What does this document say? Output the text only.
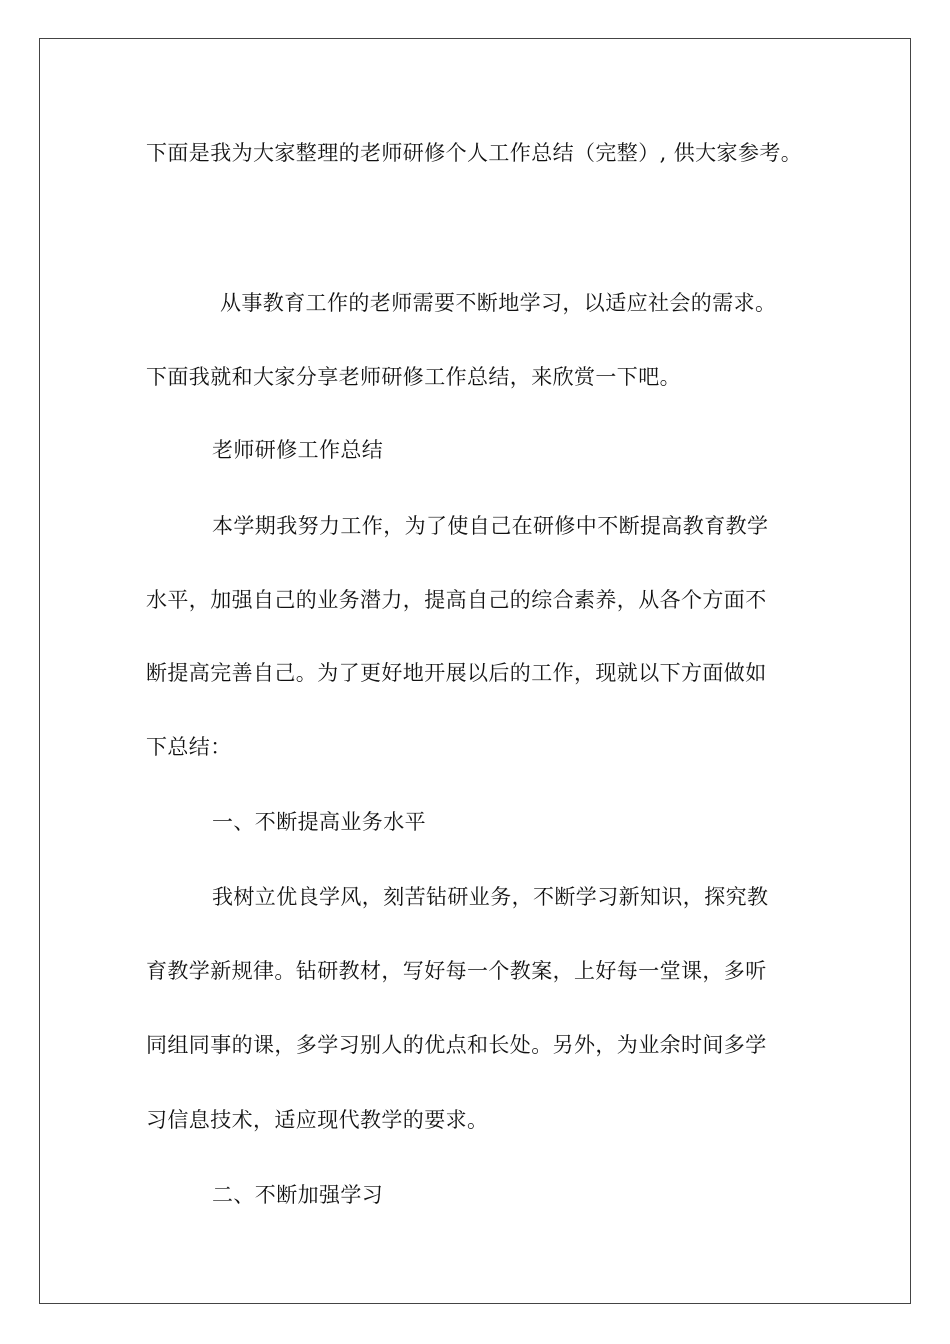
下面是我为大家整理的老师研修个人工作总结（完整）, 供大家参考。
从事教育工作的老师需要不断地学习，以适应社会的需求。
下面我就和大家分享老师研修工作总结，来欣赏一下吧。
老师研修工作总结
本学期我努力工作，为了使自己在研修中不断提高教育教学
水平，加强自己的业务潜力，提高自己的综合素养，从各个方面不
断提高完善自己。为了更好地开展以后的工作，现就以下方面做如
下总结：
一、不断提高业务水平
我树立优良学风，刻苦钻研业务，不断学习新知识，探究教
育教学新规律。钻研教材，写好每一个教案，上好每一堂课，多听
同组同事的课，多学习别人的优点和长处。另外，为业余时间多学
习信息技术，适应现代教学的要求。
二、不断加强学习
